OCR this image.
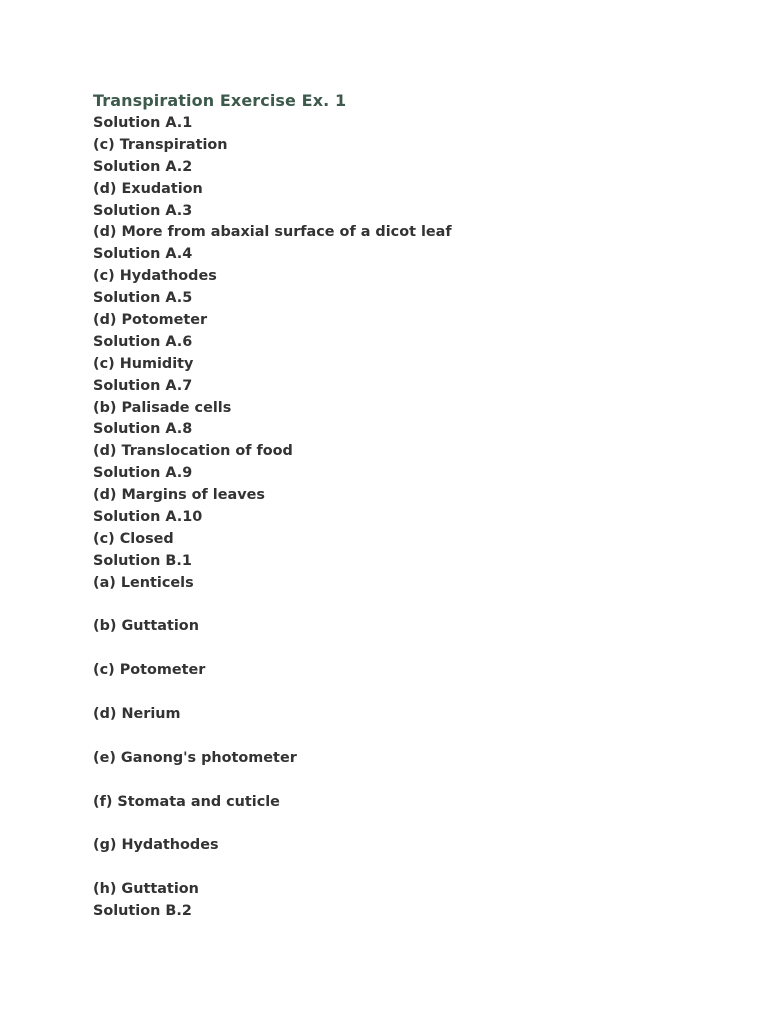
Transpiration Exercise Ex. 1
Solution A.1
(c) Transpiration
Solution A.2
(d) Exudation
Solution A.3
(d) More from abaxial surface of a dicot leaf
Solution A.4
(c) Hydathodes
Solution A.5
(d) Potometer
Solution A.6
(c) Humidity
Solution A.7
(b) Palisade cells
Solution A.8
(d) Translocation of food
Solution A.9
(d) Margins of leaves
Solution A.10
(c) Closed
Solution B.1
(a) Lenticels
(b) Guttation
(c) Potometer
(d) Nerium
(e) Ganong's photometer
(f) Stomata and cuticle
(g) Hydathodes
(h) Guttation
Solution B.2
